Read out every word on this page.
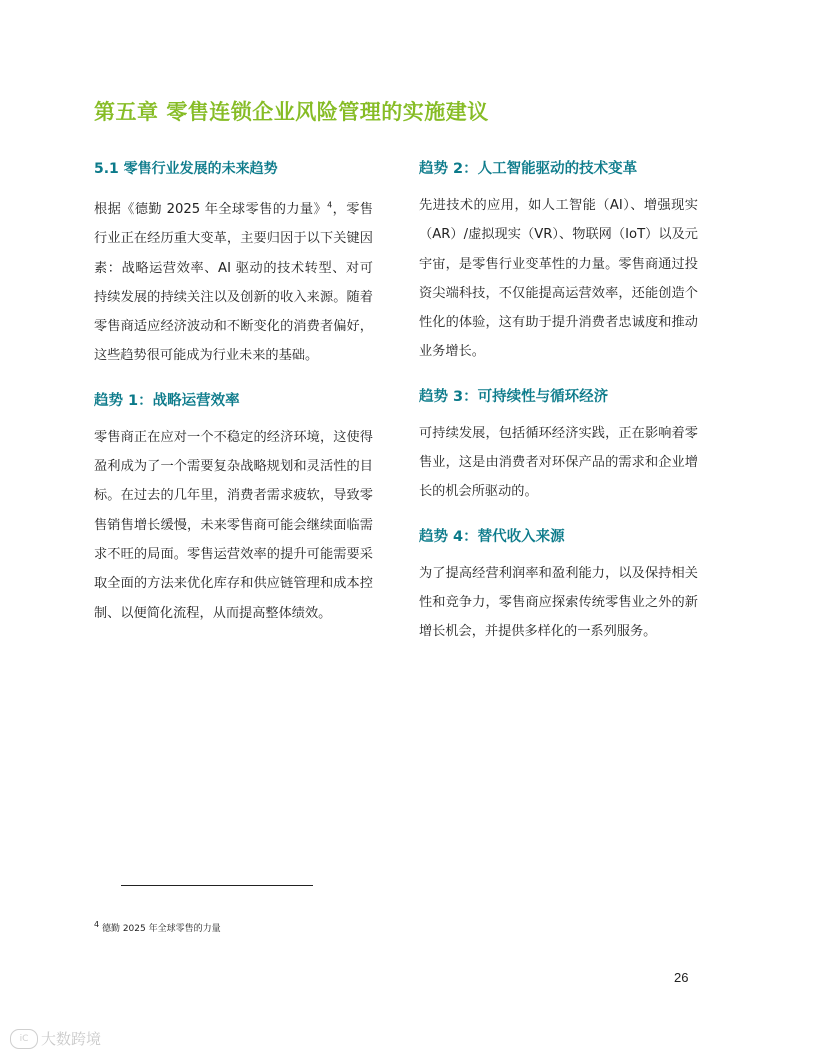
第五章 零售连锁企业风险管理的实施建议
5.1 零售行业发展的未来趋势

根据《德勤 2025 年全球零售的力量》$^4$，零售行业正在经历重大变革，主要归因于以下关键因素：战略运营效率、AI 驱动的技术转型、对可持续发展的持续关注以及创新的收入来源。随着零售商适应经济波动和不断变化的消费者偏好，这些趋势很可能成为行业未来的基础。

趋势 1：战略运营效率

零售商正在应对一个不稳定的经济环境，这使得盈利成为了一个需要复杂战略规划和灵活性的目标。在过去的几年里，消费者需求疲软，导致零售销售增长缓慢，未来零售商可能会继续面临需求不旺的局面。零售运营效率的提升可能需要采取全面的方法来优化库存和供应链管理和成本控制、以便简化流程，从而提高整体绩效。

趋势 2：人工智能驱动的技术变革

先进技术的应用，如人工智能（AI）、增强现实（AR）/虚拟现实（VR）、物联网（IoT）以及元宇宙，是零售行业变革性的力量。零售商通过投资尖端科技，不仅能提高运营效率，还能创造个性化的体验，这有助于提升消费者忠诚度和推动业务增长。

趋势 3：可持续性与循环经济

可持续发展，包括循环经济实践，正在影响着零售业，这是由消费者对环保产品的需求和企业增长的机会所驱动的。

趋势 4：替代收入来源

为了提高经营利润率和盈利能力，以及保持相关性和竞争力，零售商应探索传统零售业之外的新增长机会，并提供多样化的一系列服务。

$^4$ 德勤 2025 年全球零售的力量
26
iC 大数跨境
